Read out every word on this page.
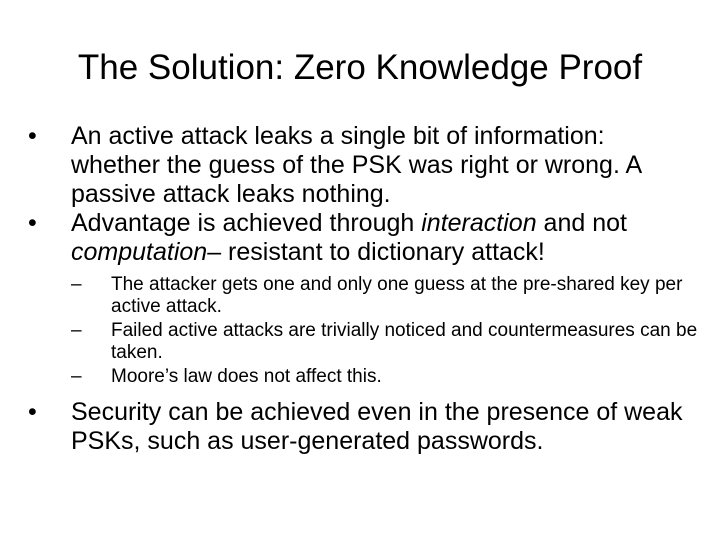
The Solution: Zero Knowledge Proof
•
An active attack leaks a single bit of information: whether the guess of the PSK was right or wrong. A passive attack leaks nothing.
•
Advantage is achieved through interaction and not computation– resistant to dictionary attack!
–
The attacker gets one and only one guess at the pre-shared key per active attack.
–
Failed active attacks are trivially noticed and countermeasures can be taken.
–
Moore’s law does not affect this.
•
Security can be achieved even in the presence of weak PSKs, such as user-generated passwords.
